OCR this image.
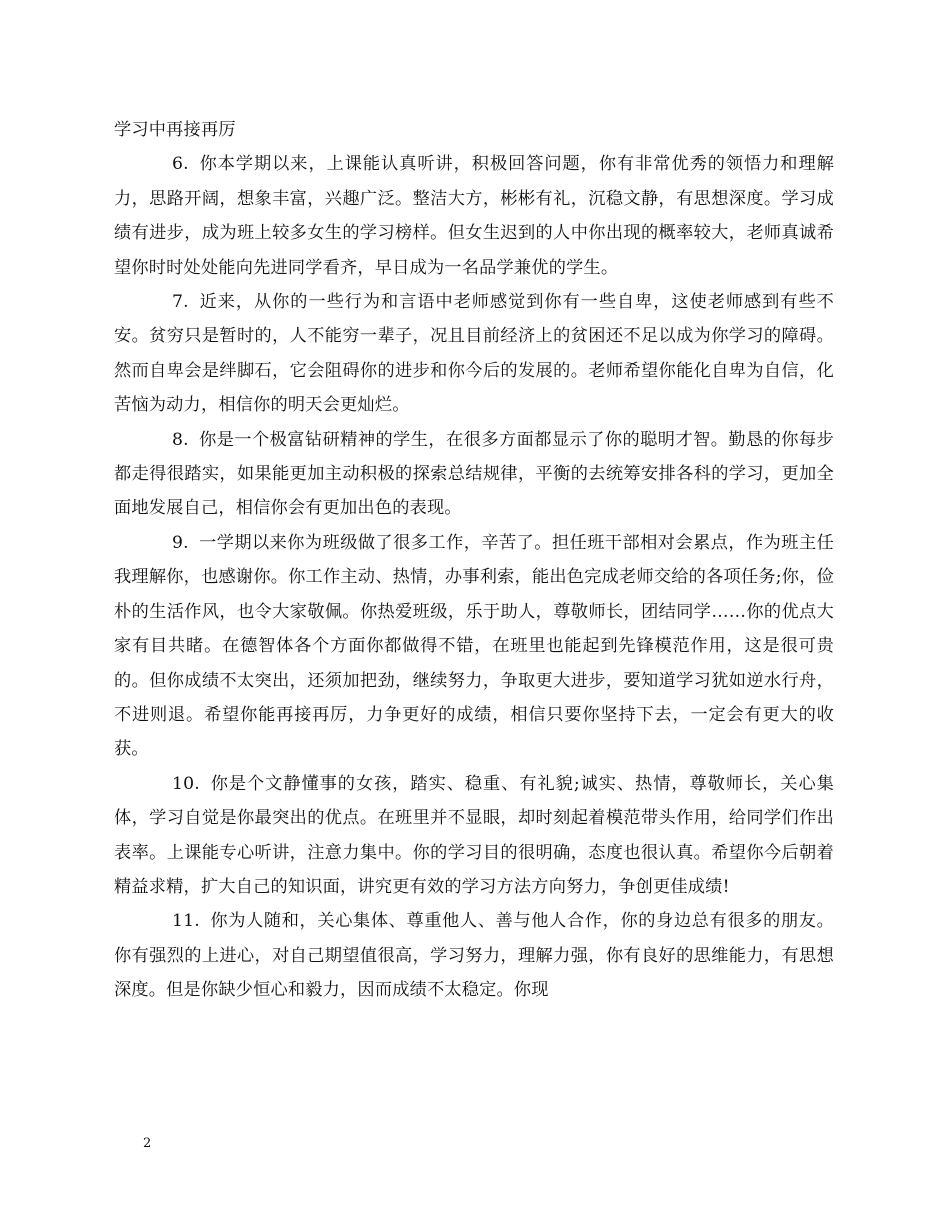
学习中再接再厉

6. 你本学期以来，上课能认真听讲，积极回答问题，你有非常优秀的领悟力和理解力，思路开阔，想象丰富，兴趣广泛。整洁大方，彬彬有礼，沉稳文静，有思想深度。学习成绩有进步，成为班上较多女生的学习榜样。但女生迟到的人中你出现的概率较大，老师真诚希望你时时处处能向先进同学看齐，早日成为一名品学兼优的学生。

7. 近来，从你的一些行为和言语中老师感觉到你有一些自卑，这使老师感到有些不安。贫穷只是暂时的，人不能穷一辈子，况且目前经济上的贫困还不足以成为你学习的障碍。然而自卑会是绊脚石，它会阻碍你的进步和你今后的发展的。老师希望你能化自卑为自信，化苦恼为动力，相信你的明天会更灿烂。

8. 你是一个极富钻研精神的学生，在很多方面都显示了你的聪明才智。勤恳的你每步都走得很踏实，如果能更加主动积极的探索总结规律，平衡的去统筹安排各科的学习，更加全面地发展自己，相信你会有更加出色的表现。

9. 一学期以来你为班级做了很多工作，辛苦了。担任班干部相对会累点，作为班主任我理解你，也感谢你。你工作主动、热情，办事利索，能出色完成老师交给的各项任务;你，俭朴的生活作风，也令大家敬佩。你热爱班级，乐于助人，尊敬师长，团结同学……你的优点大家有目共睹。在德智体各个方面你都做得不错，在班里也能起到先锋模范作用，这是很可贵的。但你成绩不太突出，还须加把劲，继续努力，争取更大进步，要知道学习犹如逆水行舟，不进则退。希望你能再接再厉，力争更好的成绩，相信只要你坚持下去，一定会有更大的收获。

10. 你是个文静懂事的女孩，踏实、稳重、有礼貌;诚实、热情，尊敬师长，关心集体，学习自觉是你最突出的优点。在班里并不显眼，却时刻起着模范带头作用，给同学们作出表率。上课能专心听讲，注意力集中。你的学习目的很明确，态度也很认真。希望你今后朝着精益求精，扩大自己的知识面，讲究更有效的学习方法方向努力，争创更佳成绩!

11. 你为人随和，关心集体、尊重他人、善与他人合作，你的身边总有很多的朋友。你有强烈的上进心，对自己期望值很高，学习努力，理解力强，你有良好的思维能力，有思想深度。但是你缺少恒心和毅力，因而成绩不太稳定。你现

2
